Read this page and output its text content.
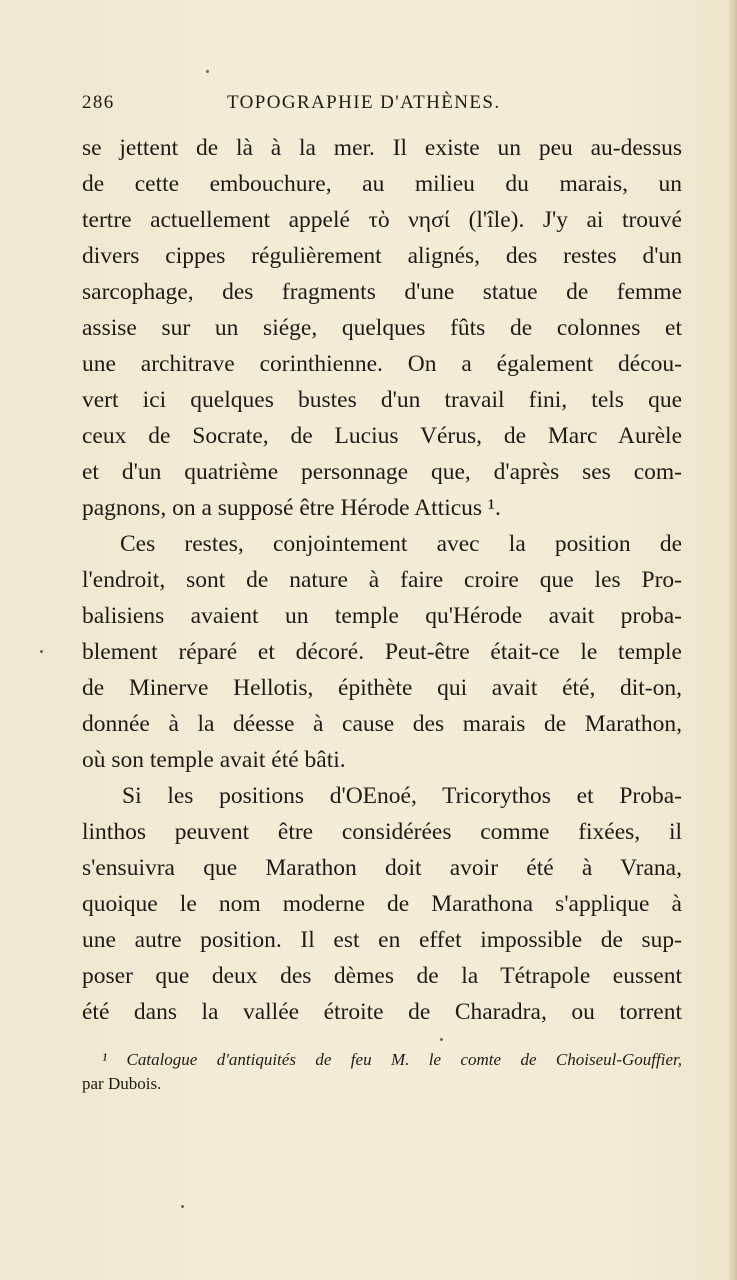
286	TOPOGRAPHIE D'ATHÈNES.
se jettent de là à la mer. Il existe un peu au-dessus
de cette embouchure, au milieu du marais, un
tertre actuellement appelé τὸ νησί (l'île). J'y ai trouvé
divers cippes régulièrement alignés, des restes d'un
sarcophage, des fragments d'une statue de femme
assise sur un siége, quelques fûts de colonnes et
une architrave corinthienne. On a également décou-
vert ici quelques bustes d'un travail fini, tels que
ceux de Socrate, de Lucius Vérus, de Marc Aurèle
et d'un quatrième personnage que, d'après ses com-
pagnons, on a supposé être Hérode Atticus ¹.
Ces restes, conjointement avec la position de
l'endroit, sont de nature à faire croire que les Pro-
balisiens avaient un temple qu'Hérode avait proba-
blement réparé et décoré. Peut-être était-ce le temple
de Minerve Hellotis, épithète qui avait été, dit-on,
donnée à la déesse à cause des marais de Marathon,
où son temple avait été bâti.
Si les positions d'OEnoé, Tricorythos et Proba-
linthos peuvent être considérées comme fixées, il
s'ensuivra que Marathon doit avoir été à Vrana,
quoique le nom moderne de Marathona s'applique à
une autre position. Il est en effet impossible de sup-
poser que deux des dèmes de la Tétrapole eussent
été dans la vallée étroite de Charadra, ou torrent
¹ Catalogue d'antiquités de feu M. le comte de Choiseul-Gouffier,
par Dubois.
